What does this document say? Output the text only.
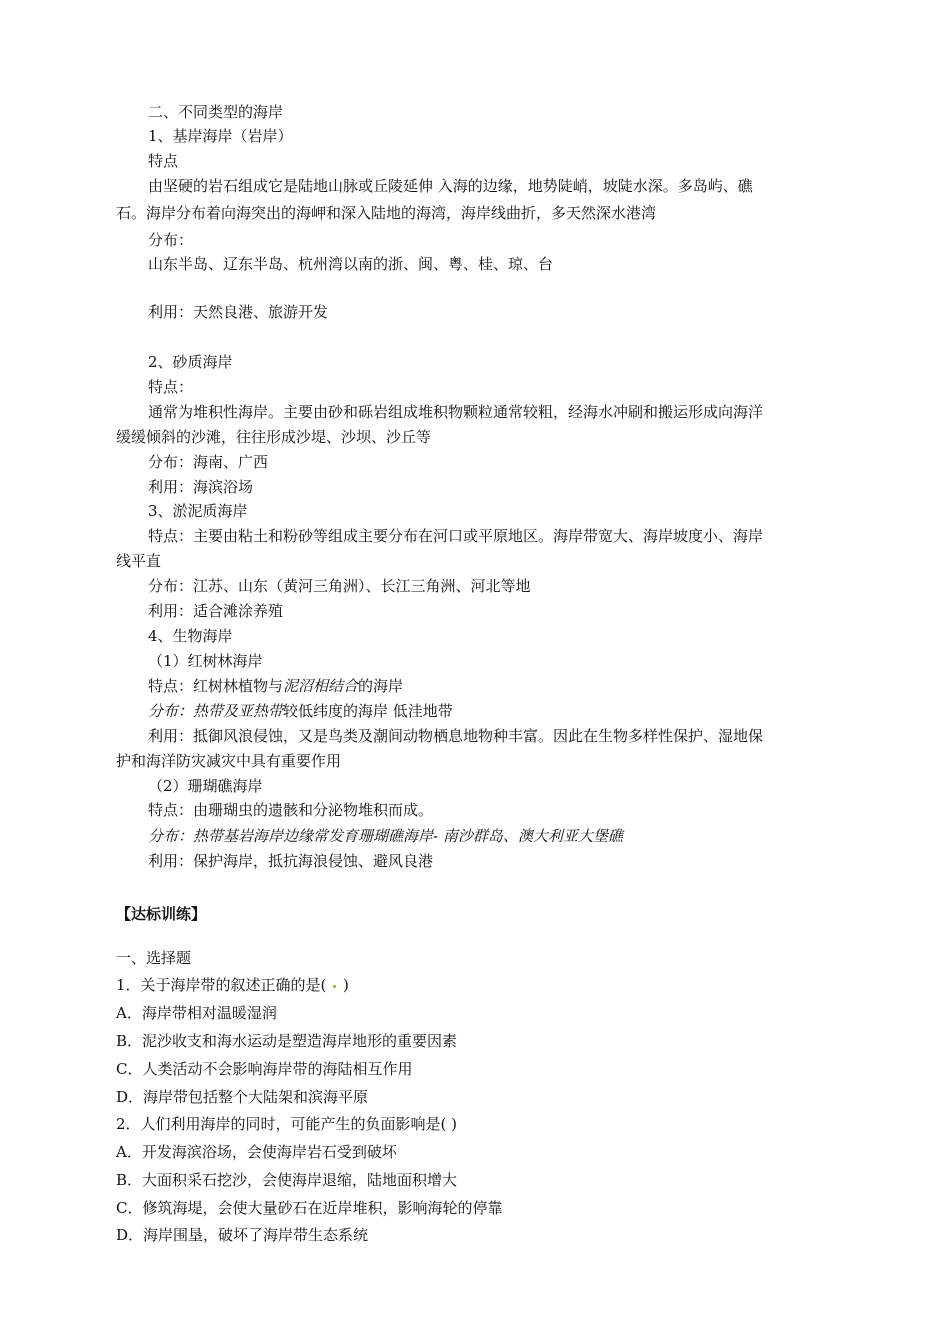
二、不同类型的海岸
1、基岸海岸（岩岸）
特点
由坚硬的岩石组成它是陆地山脉或丘陵延伸 入海的边缘，地势陡峭，坡陡水深。多岛屿、礁
石。海岸分布着向海突出的海岬和深入陆地的海湾，海岸线曲折，多天然深水港湾
分布：
山东半岛、辽东半岛、杭州湾以南的浙、闽、粤、桂、琼、台
利用：天然良港、旅游开发
2、砂质海岸
特点：
通常为堆积性海岸。主要由砂和砾岩组成堆积物颗粒通常较粗，经海水冲刷和搬运形成向海洋
缓缓倾斜的沙滩，往往形成沙堤、沙坝、沙丘等
分布：海南、广西
利用：海滨浴场
3、淤泥质海岸
特点：主要由粘土和粉砂等组成主要分布在河口或平原地区。海岸带宽大、海岸坡度小、海岸
线平直
分布：江苏、山东（黄河三角洲）、长江三角洲、河北等地
利用：适合滩涂养殖
4、生物海岸
（1）红树林海岸
特点：红树林植物与泥沼相结合的海岸
分布：热带及亚热带较低纬度的海岸 低洼地带
利用：抵御风浪侵蚀，又是鸟类及潮间动物栖息地物种丰富。因此在生物多样性保护、湿地保
护和海洋防灾减灾中具有重要作用
（2）珊瑚礁海岸
特点：由珊瑚虫的遗骸和分泌物堆积而成。
分布：热带基岩海岸边缘常发育珊瑚礁海岸- 南沙群岛、澳大利亚大堡礁
利用：保护海岸，抵抗海浪侵蚀、避风良港
【达标训练】
一、选择题
1．关于海岸带的叙述正确的是(  )
A．海岸带相对温暖湿润
B．泥沙收支和海水运动是塑造海岸地形的重要因素
C．人类活动不会影响海岸带的海陆相互作用
D．海岸带包括整个大陆架和滨海平原
2．人们利用海岸的同时，可能产生的负面影响是( )
A．开发海滨浴场，会使海岸岩石受到破坏
B．大面积采石挖沙，会使海岸退缩，陆地面积增大
C．修筑海堤，会使大量砂石在近岸堆积，影响海轮的停靠
D．海岸围垦，破坏了海岸带生态系统
